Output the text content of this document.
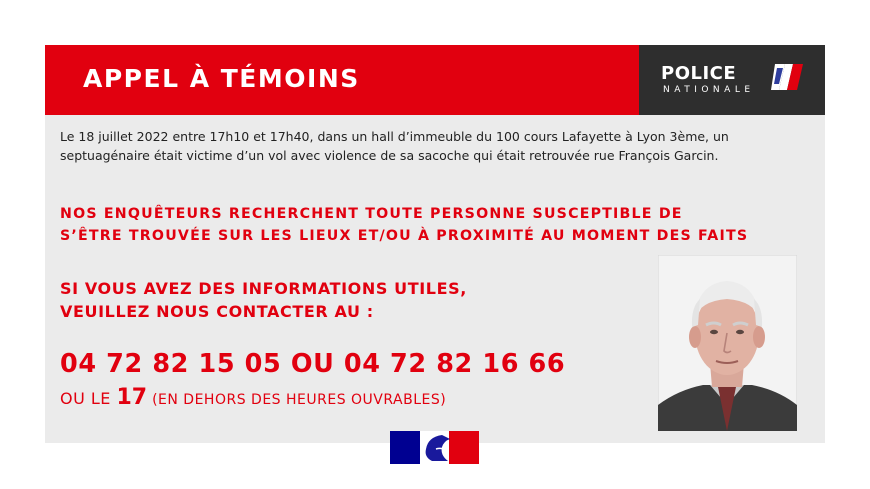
APPEL À TÉMOINS	POLICE
NATIONALE
Le 18 juillet 2022 entre 17h10 et 17h40, dans un hall d’immeuble du 100 cours Lafayette à Lyon 3ème, un septuagénaire était victime d’un vol avec violence de sa sacoche qui était retrouvée rue François Garcin.
NOS ENQUÊTEURS RECHERCHENT TOUTE PERSONNE SUSCEPTIBLE DE
S’ÊTRE TROUVÉE SUR LES LIEUX ET/OU À PROXIMITÉ AU MOMENT DES FAITS
SI VOUS AVEZ DES INFORMATIONS UTILES,
VEUILLEZ NOUS CONTACTER AU :
04 72 82 15 05 OU 04 72 82 16 66
OU LE 17 (EN DEHORS DES HEURES OUVRABLES)
